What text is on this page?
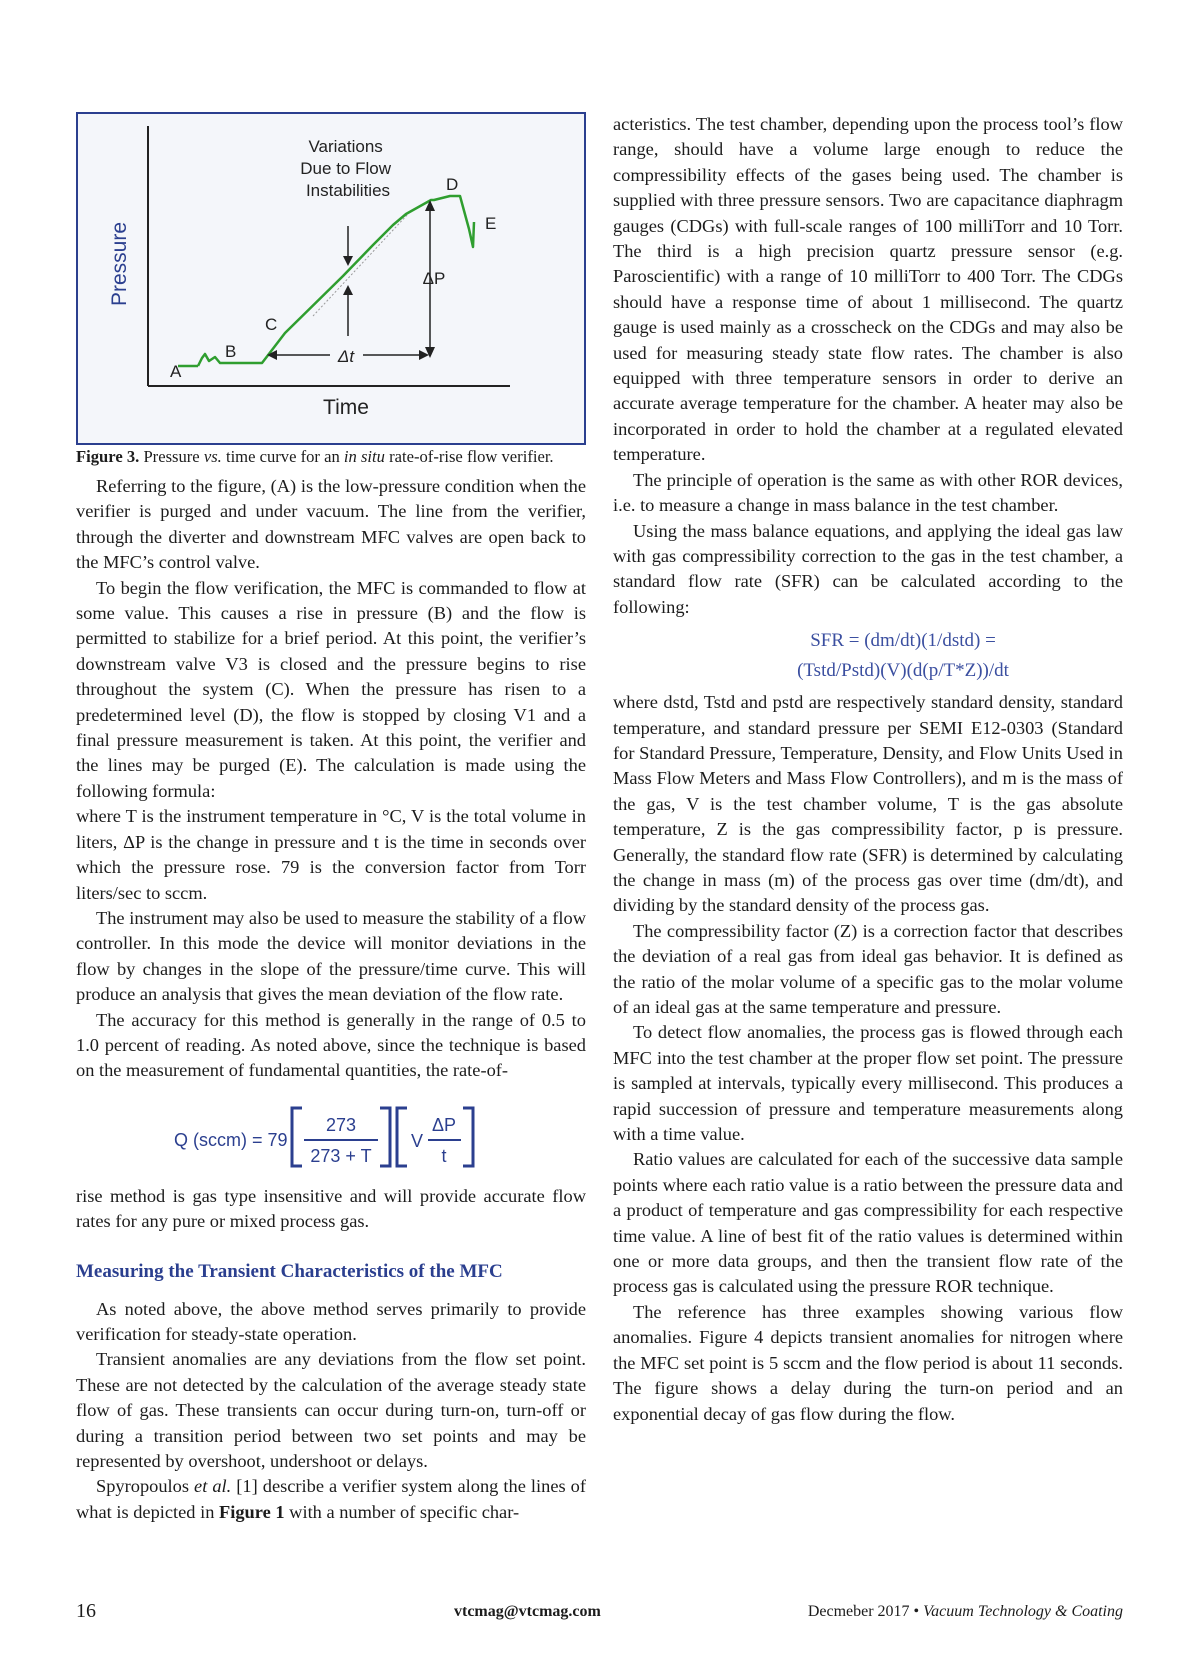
Pressure
Time
Variations Due to Flow Instabilities
ΔP
Δt
A
B
C
D
E
Figure 3. Pressure vs. time curve for an in situ rate-of-rise flow verifier.

Referring to the figure, (A) is the low-pressure condition when the verifier is purged and under vacuum. The line from the verifier, through the diverter and downstream MFC valves are open back to the MFC’s control valve.

To begin the flow verification, the MFC is commanded to flow at some value. This causes a rise in pressure (B) and the flow is permitted to stabilize for a brief period. At this point, the verifier’s downstream valve V3 is closed and the pressure begins to rise throughout the system (C). When the pressure has risen to a predetermined level (D), the flow is stopped by closing V1 and a final pressure measurement is taken. At this point, the verifier and the lines may be purged (E). The calculation is made using the following formula:

where T is the instrument temperature in °C, V is the total volume in liters, ΔP is the change in pressure and t is the time in seconds over which the pressure rose. 79 is the conversion factor from Torr liters/sec to sccm.

The instrument may also be used to measure the stability of a flow controller. In this mode the device will monitor deviations in the flow by changes in the slope of the pressure/time curve. This will produce an analysis that gives the mean deviation of the flow rate.

The accuracy for this method is generally in the range of 0.5 to 1.0 percent of reading. As noted above, since the technique is based on the measurement of fundamental quantities, the rate-of-

Q (sccm) = 79
273
273 + T
V
ΔP
t

rise method is gas type insensitive and will provide accurate flow rates for any pure or mixed process gas.

Measuring the Transient Characteristics of the MFC

As noted above, the above method serves primarily to provide verification for steady-state operation.

Transient anomalies are any deviations from the flow set point. These are not detected by the calculation of the average steady state flow of gas. These transients can occur during turn-on, turn-off or during a transition period between two set points and may be represented by overshoot, undershoot or delays.

Spyropoulos et al. [1] describe a verifier system along the lines of what is depicted in Figure 1 with a number of specific char-

acteristics. The test chamber, depending upon the process tool’s flow range, should have a volume large enough to reduce the compressibility effects of the gases being used. The chamber is supplied with three pressure sensors. Two are capacitance diaphragm gauges (CDGs) with full-scale ranges of 100 milliTorr and 10 Torr. The third is a high precision quartz pressure sensor (e.g. Paroscientific) with a range of 10 milliTorr to 400 Torr. The CDGs should have a response time of about 1 millisecond. The quartz gauge is used mainly as a crosscheck on the CDGs and may also be used for measuring steady state flow rates. The chamber is also equipped with three temperature sensors in order to derive an accurate average temperature for the chamber. A heater may also be incorporated in order to hold the chamber at a regulated elevated temperature.

The principle of operation is the same as with other ROR devices, i.e. to measure a change in mass balance in the test chamber.

Using the mass balance equations, and applying the ideal gas law with gas compressibility correction to the gas in the test chamber, a standard flow rate (SFR) can be calculated according to the following:

SFR = (dm/dt)(1/dstd) =
(Tstd/Pstd)(V)(d(p/T*Z))/dt

where dstd, Tstd and pstd are respectively standard density, standard temperature, and standard pressure per SEMI E12-0303 (Standard for Standard Pressure, Temperature, Density, and Flow Units Used in Mass Flow Meters and Mass Flow Controllers), and m is the mass of the gas, V is the test chamber volume, T is the gas absolute temperature, Z is the gas compressibility factor, p is pressure. Generally, the standard flow rate (SFR) is determined by calculating the change in mass (m) of the process gas over time (dm/dt), and dividing by the standard density of the process gas.

The compressibility factor (Z) is a correction factor that describes the deviation of a real gas from ideal gas behavior. It is defined as the ratio of the molar volume of a specific gas to the molar volume of an ideal gas at the same temperature and pressure.

To detect flow anomalies, the process gas is flowed through each MFC into the test chamber at the proper flow set point. The pressure is sampled at intervals, typically every millisecond. This produces a rapid succession of pressure and temperature measurements along with a time value.

Ratio values are calculated for each of the successive data sample points where each ratio value is a ratio between the pressure data and a product of temperature and gas compressibility for each respective time value. A line of best fit of the ratio values is determined within one or more data groups, and then the transient flow rate of the process gas is calculated using the pressure ROR technique.

The reference has three examples showing various flow anomalies. Figure 4 depicts transient anomalies for nitrogen where the MFC set point is 5 sccm and the flow period is about 11 seconds. The figure shows a delay during the turn-on period and an exponential decay of gas flow during the flow.

16	vtcmag@vtcmag.com	Decmeber 2017 • Vacuum Technology & Coating
